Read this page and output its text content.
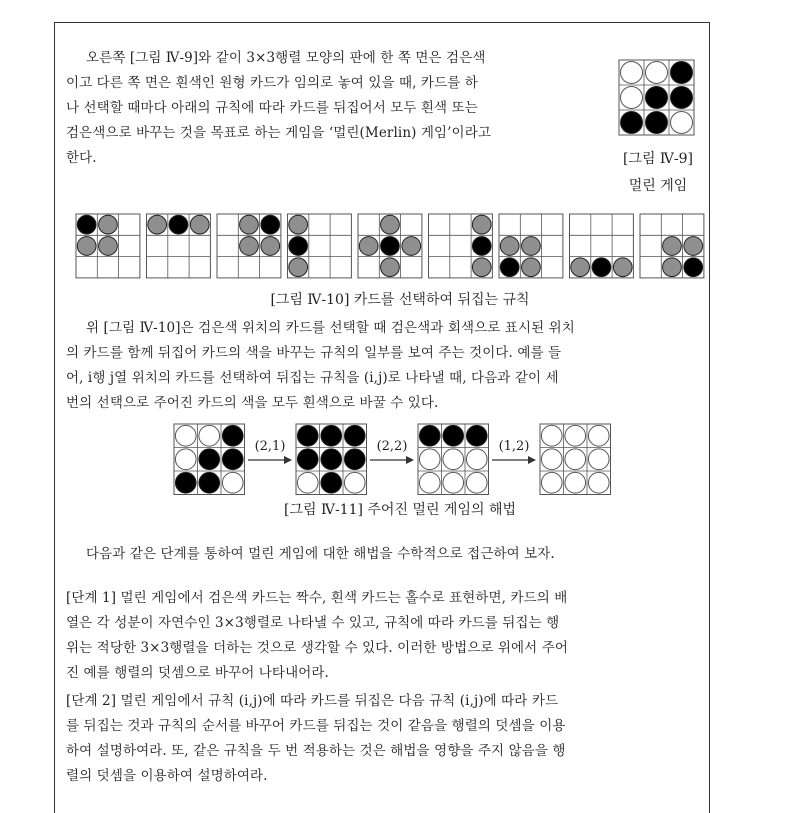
오른쪽 [그림 Ⅳ-9]와 같이 3×3행렬 모양의 판에 한 쪽 면은 검은색
이고 다른 쪽 면은 흰색인 원형 카드가 임의로 놓여 있을 때, 카드를 하
나 선택할 때마다 아래의 규칙에 따라 카드를 뒤집어서 모두 흰색 또는
검은색으로 바꾸는 것을 목표로 하는 게임을 ‘멀린(Merlin) 게임’이라고
한다.	[그림 Ⅳ-9]
멀린 게임
[그림 Ⅳ-10] 카드를 선택하여 뒤집는 규칙
위 [그림 Ⅳ-10]은 검은색 위치의 카드를 선택할 때 검은색과 회색으로 표시된 위치
의 카드를 함께 뒤집어 카드의 색을 바꾸는 규칙의 일부를 보여 주는 것이다. 예를 들
어, i행 j열 위치의 카드를 선택하여 뒤집는 규칙을 (i,j)로 나타낼 때, 다음과 같이 세
번의 선택으로 주어진 카드의 색을 모두 흰색으로 바꿀 수 있다.
(2,1)	(2,2)	(1,2)
[그림 Ⅳ-11] 주어진 멀린 게임의 해법
다음과 같은 단계를 통하여 멀린 게임에 대한 해법을 수학적으로 접근하여 보자.
[단계 1] 멀린 게임에서 검은색 카드는 짝수, 흰색 카드는 홀수로 표현하면, 카드의 배
열은 각 성분이 자연수인 3×3행렬로 나타낼 수 있고, 규칙에 따라 카드를 뒤집는 행
위는 적당한 3×3행렬을 더하는 것으로 생각할 수 있다. 이러한 방법으로 위에서 주어
진 예를 행렬의 덧셈으로 바꾸어 나타내어라.
[단계 2] 멀린 게임에서 규칙 (i,j)에 따라 카드를 뒤집은 다음 규칙 (i,j)에 따라 카드
를 뒤집는 것과 규칙의 순서를 바꾸어 카드를 뒤집는 것이 같음을 행렬의 덧셈을 이용
하여 설명하여라. 또, 같은 규칙을 두 번 적용하는 것은 해법을 영향을 주지 않음을 행
렬의 덧셈을 이용하여 설명하여라.
